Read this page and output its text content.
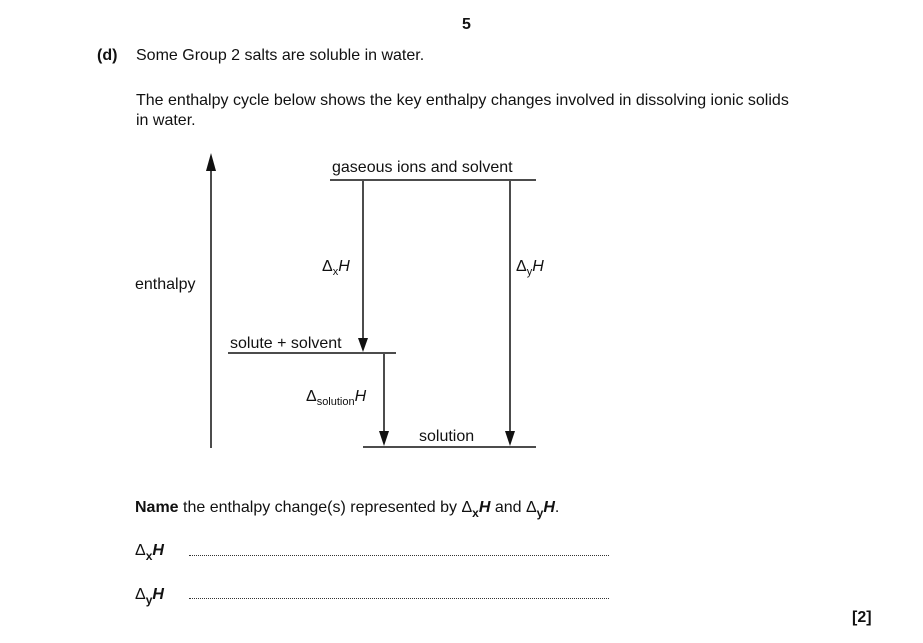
5
(d) Some Group 2 salts are soluble in water.
The enthalpy cycle below shows the key enthalpy changes involved in dissolving ionic solids
in water.
gaseous ions and solvent
solute + solvent
solution
enthalpy
$\Delta_xH$	$\Delta_yH$
$\Delta_{solution}H$
Name the enthalpy change(s) represented by $\Delta_xH$ and $\Delta_yH$.
$\Delta_xH$
$\Delta_yH$
[2]
